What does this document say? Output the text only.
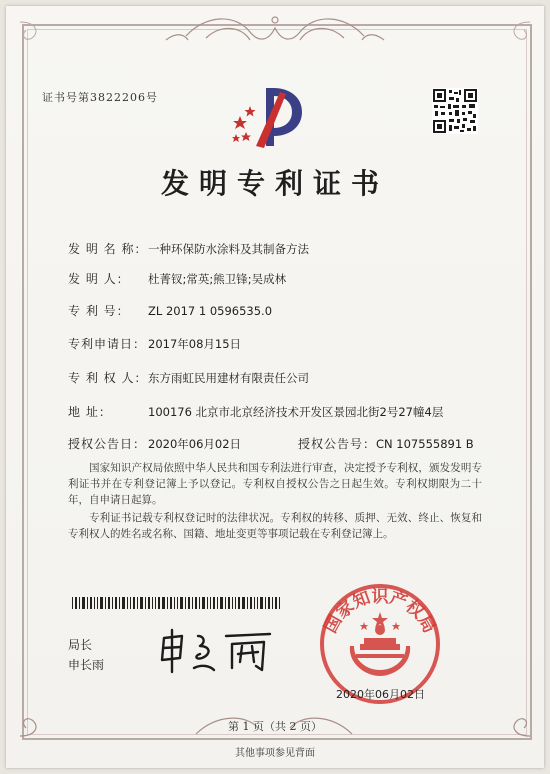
证书号第3822206号
发明专利证书
发 明 名 称：一种环保防水涂料及其制备方法
发 明 人： 杜菁钗;常英;熊卫锋;吴成林
专 利 号： ZL 2017 1 0596535.0
专利申请日： 2017年08月15日
专 利 权 人：东方雨虹民用建材有限责任公司
地 址：	100176 北京市北京经济技术开发区景园北街2号27幢4层
授权公告日： 2020年06月02日	授权公告号：CN 107555891 B
国家知识产权局依照中华人民共和国专利法进行审查，决定授予专利权，颁发发明专利证书并在专利登记簿上予以登记。专利权自授权公告之日起生效。专利权期限为二十年，自申请日起算。
专利证书记载专利权登记时的法律状况。专利权的转移、质押、无效、终止、恢复和专利权人的姓名或名称、国籍、地址变更等事项记载在专利登记簿上。
局长
申长雨
国家知识产权局
2020年06月02日
第 1 页（共 2 页）
其他事项参见背面
